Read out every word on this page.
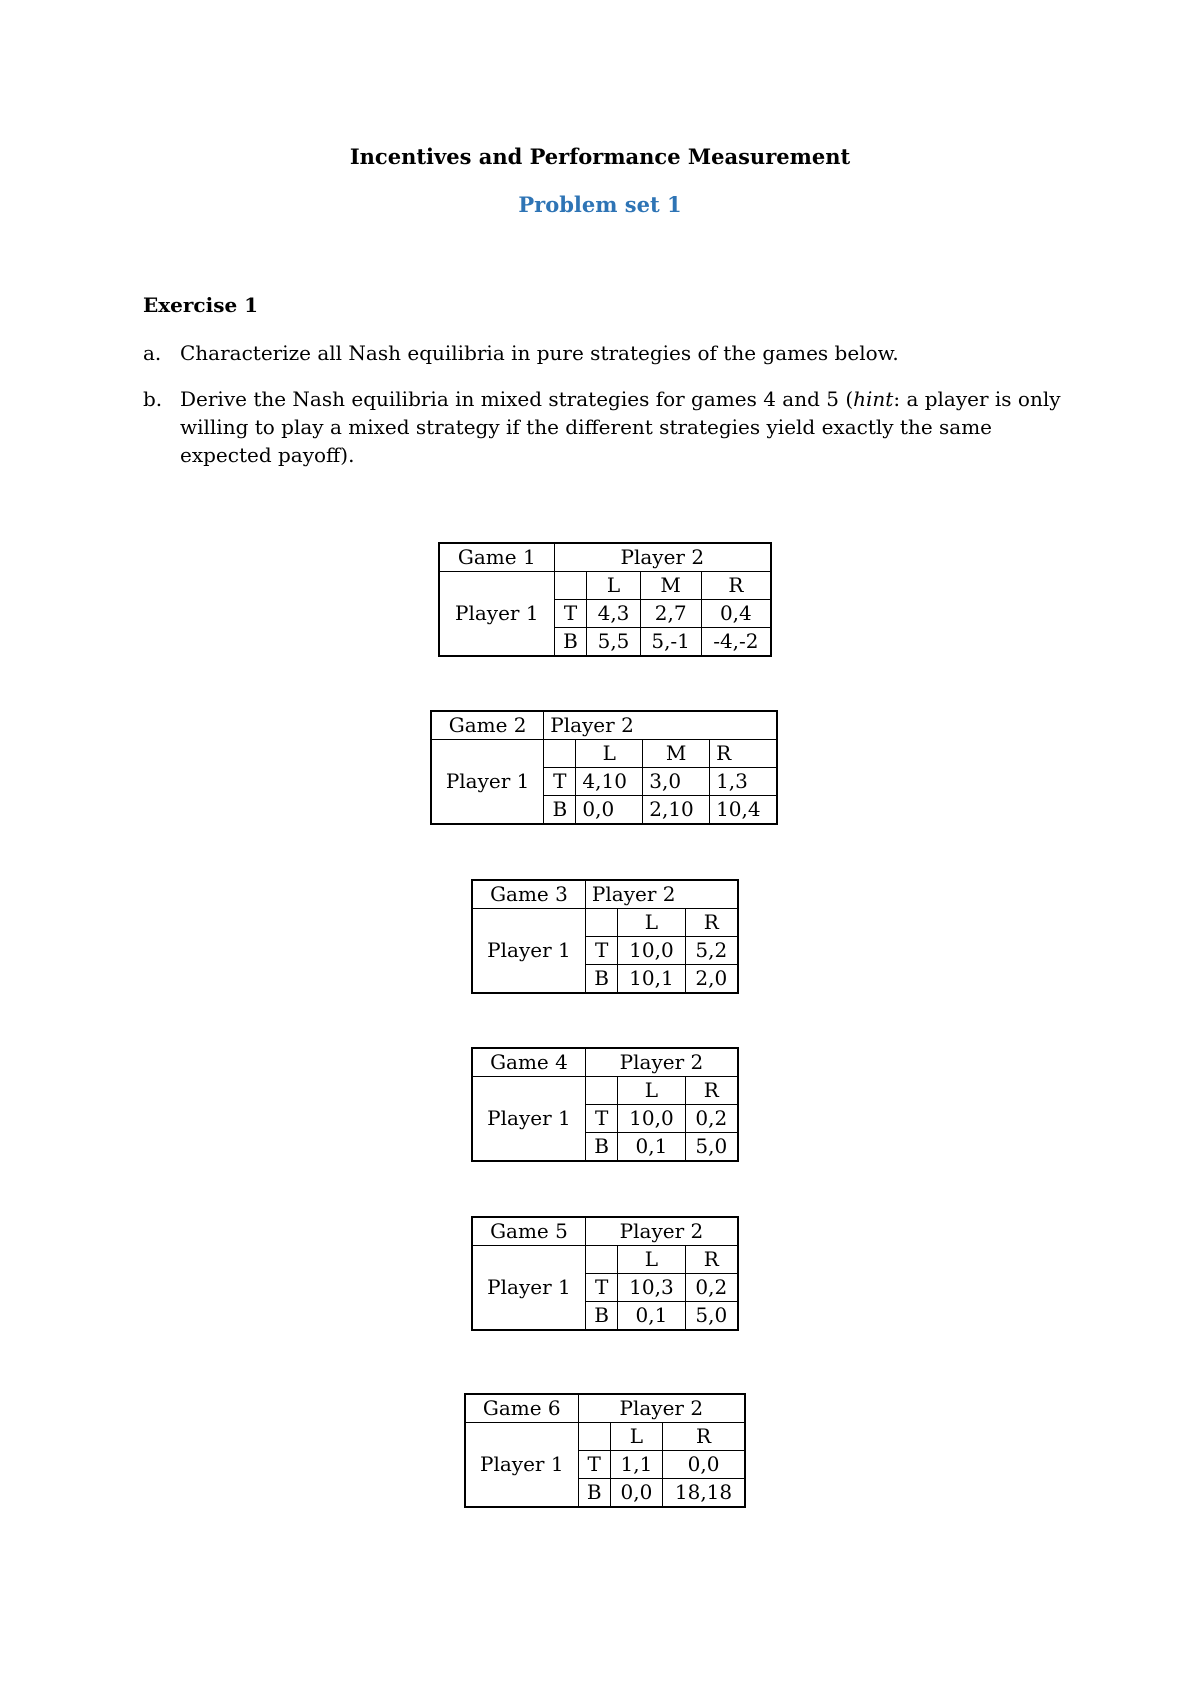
Incentives and Performance Measurement
Problem set 1
Exercise 1
a. Characterize all Nash equilibria in pure strategies of the games below.
b. Derive the Nash equilibria in mixed strategies for games 4 and 5 (hint: a player is only willing to play a mixed strategy if the different strategies yield exactly the same expected payoff).
Game 1	Player 2			
Player 1		L	M	R
	T	4,3	2,7	0,4
	B	5,5	5,-1	-4,-2
Game 2	Player 2			
Player 1		L	M	R
	T	4,10	3,0	1,3
	B	0,0	2,10	10,4
Game 3	Player 2		
Player 1		L	R
	T	10,0	5,2
	B	10,1	2,0
Game 4	Player 2		
Player 1		L	R
	T	10,0	0,2
	B	0,1	5,0
Game 5	Player 2		
Player 1		L	R
	T	10,3	0,2
	B	0,1	5,0
Game 6	Player 2		
Player 1		L	R
	T	1,1	0,0
	B	0,0	18,18
